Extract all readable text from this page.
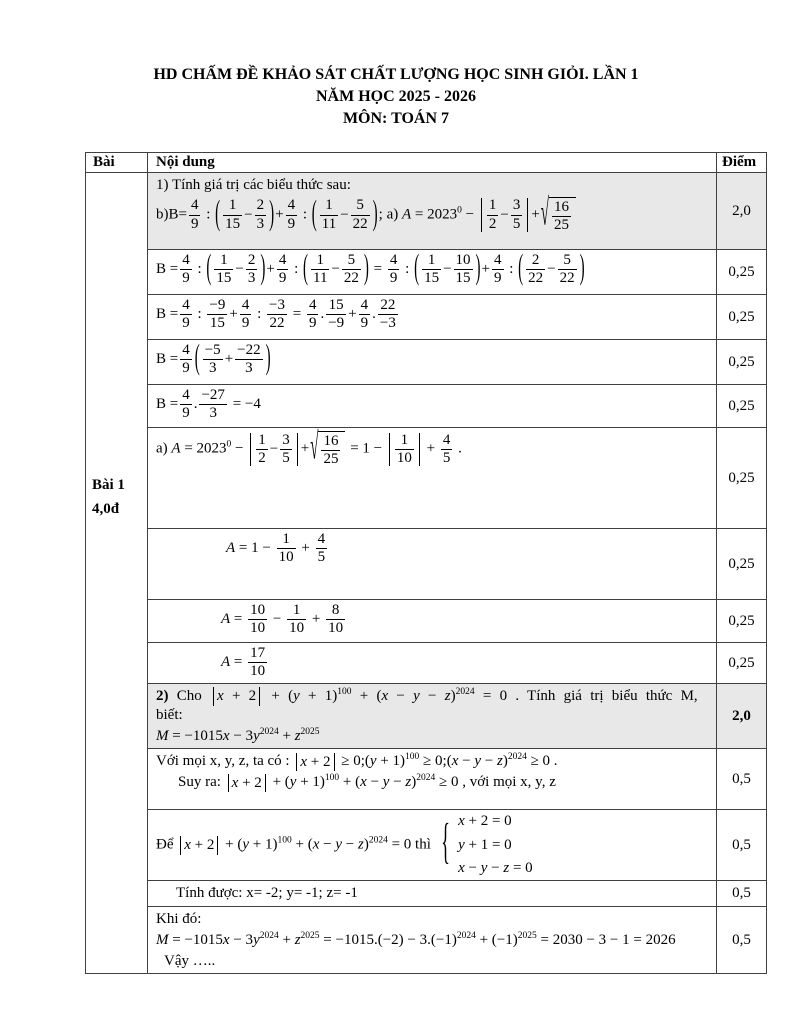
HD CHẤM ĐỀ KHẢO SÁT CHẤT LƯỢNG HỌC SINH GIỎI. LẦN 1
NĂM HỌC 2025 - 2026
MÔN: TOÁN 7
Bài	Nội dung	Điểm
Bài 1
4,0đ
1) Tính giá trị các biểu thức sau:
$b)B= \frac{4}{9}$ : ( $\frac{1}{15} - \frac{2}{3}$ ) + $\frac{4}{9}$ : ( $\frac{1}{11} - \frac{5}{22}$ ) ; a) $A = 2023^0 - \frac{1}{2} - \frac{3}{5}$ + √ $\frac{16}{25}$	2,0
$B = \frac{4}{9}$ : ( $\frac{1}{15} - \frac{2}{3}$ ) + $\frac{4}{9}$ : ( $\frac{1}{11} - \frac{5}{22}$ ) = $\frac{4}{9}$ : ( $\frac{1}{15} - \frac{10}{15}$ ) + $\frac{4}{9}$ : ( $\frac{2}{22} - \frac{5}{22}$ )	0,25
$B = \frac{4}{9}$ : $\frac{-9}{15} + \frac{4}{9}$ : $\frac{-3}{22} = \frac{4}{9}$ . $\frac{15}{-9} + \frac{4}{9}$ . $\frac{22}{-3}$	0,25
$B = \frac{4}{9}$ ( $\frac{-5}{3} + \frac{-22}{3}$ )	0,25
$B = \frac{4}{9}$ . $\frac{-27}{3} = -4$	0,25
a) $A = 2023^0 - \frac{1}{2} - \frac{3}{5}$ + √ $\frac{16}{25} = 1 - \frac{1}{10} + \frac{4}{5}$ .
0,25
$A = 1 - \frac{1}{10} + \frac{4}{5}$	0,25
$A = \frac{10}{10} - \frac{1}{10} + \frac{8}{10}$	0,25
$A = \frac{17}{10}$	0,25
2) Cho $x + 2 + (y + 1)^{100} + (x - y - z)^{2024} = 0$ . Tính giá trị biểu thức M, biết:
$M = -1015x - 3y^{2024} + z^{2025}$
2,0
Với mọi x, y, z, ta có : x + 2 ≥ 0;(y + 1)$^{100}$ ≥ 0;(x − y − z)$^{2024}$ ≥ 0 .
Suy ra: $x + 2 + (y + 1)^{100} + (x - y - z)^{2024} \ge 0$ , với mọi x, y, z	0,5
Để $x + 2 + (y + 1)^{100} + (x - y - z)^{2024} = 0$ thì { x + 2 = 0
y + 1 = 0
x − y − z = 0
0,5
Tính được: x= -2; y= -1; z= -1	0,5
Khi đó:
$M = -1015x - 3y^{2024} + z^{2025} = -1015.(-2) - 3.(-1)^{2024} + (-1)^{2025} = 2030 - 3 - 1 = 2026$
Vậy …..
0,5
